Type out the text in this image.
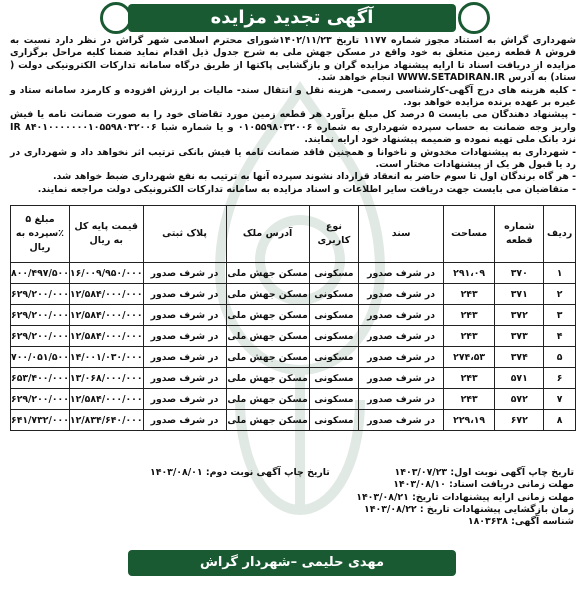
آگهی تجدید مزایده

شهرداری گراش به استناد مجوز شماره ۱۱۷۷ تاریخ ۱۴۰۲/۱۱/۲۳شورای محترم اسلامی شهر گراش در نظر دارد نسبت به فروش ۸ قطعه زمین متعلق به خود واقع در مسکن جهش ملی به شرح جدول ذیل اقدام نماید ضمنا کلیه مراحل برگزاری مزایده از دریافت اسناد تا ارایه پیشنهاد مزایده گران و بازگشایی پاکتها از طریق درگاه سامانه تدارکات الکترونیکی دولت ( ستاد) به آدرس WWW.SETADIRAN.IR انجام خواهد شد.

- کلیه هزینه های درج آگهی-کارشناسی رسمی- هزینه نقل و انتقال سند- مالیات بر ارزش افزوده و کارمزد سامانه ستاد و غیره بر عهده برنده مزایده خواهد بود.

- پیشنهاد دهندگان می بایست ۵ درصد کل مبلغ برآورد هر قطعه زمین مورد تقاضای خود را به صورت ضمانت نامه یا فیش واریز وجه ضمانت به حساب سپرده شهرداری به شماره ۰۱۰۵۵۹۸۰۳۲۰۰۶ و یا شماره شبا ۸۴۰۱۰۰۰۰۰۰۰۱۰۵۵۹۸۰۳۲۰۰۶ IR نزد بانک ملی تهیه نموده و ضمیمه پیشنهاد خود ارایه نمایند.

- شهرداری به پیشنهادات مخدوش و ناخوانا و همچنین فاقد ضمانت نامه یا فیش بانکی ترتیب اثر نخواهد داد و شهرداری در رد یا قبول هر یک از پیشنهادات مختار است.

- هر گاه برندگان اول تا سوم حاضر به انعقاد قرارداد نشوند سپرده آنها به ترتیب به نفع شهرداری ضبط خواهد شد.

- متقاضیان می بایست جهت دریافت سایر اطلاعات و اسناد مزایده به سامانه تدارکات الکترونیکی دولت مراجعه نمایند.

ردیف	شماره قطعه	مساحت	سند	نوع کاربری	آدرس ملک	پلاک ثبتی	قیمت پایه کل به ریال	مبلغ ۵ ٪سپرده به ریال
۱	۳۷۰	۲۹۱،۰۹	در شرف صدور	مسکونی	مسکن جهش ملی	در شرف صدور	۱۶/۰۰۹/۹۵۰/۰۰۰	۸۰۰/۴۹۷/۵۰۰
۲	۳۷۱	۲۴۳	در شرف صدور	مسکونی	مسکن جهش ملی	در شرف صدور	۱۲/۵۸۴/۰۰۰/۰۰۰	۶۲۹/۲۰۰/۰۰۰
۳	۳۷۲	۲۴۳	در شرف صدور	مسکونی	مسکن جهش ملی	در شرف صدور	۱۲/۵۸۴/۰۰۰/۰۰۰	۶۲۹/۲۰۰/۰۰۰
۴	۳۷۳	۲۴۳	در شرف صدور	مسکونی	مسکن جهش ملی	در شرف صدور	۱۲/۵۸۴/۰۰۰/۰۰۰	۶۲۹/۲۰۰/۰۰۰
۵	۳۷۴	۲۷۴،۵۳	در شرف صدور	مسکونی	مسکن جهش ملی	در شرف صدور	۱۴/۰۰۱/۰۳۰/۰۰۰	۷۰۰/۰۵۱/۵۰۰
۶	۵۷۱	۲۴۳	در شرف صدور	مسکونی	مسکن جهش ملی	در شرف صدور	۱۳/۰۶۸/۰۰۰/۰۰۰	۶۵۳/۴۰۰/۰۰۰
۷	۵۷۲	۲۴۳	در شرف صدور	مسکونی	مسکن جهش ملی	در شرف صدور	۱۲/۵۸۴/۰۰۰/۰۰۰	۶۲۹/۲۰۰/۰۰۰
۸	۶۷۲	۲۲۹،۱۹	در شرف صدور	مسکونی	مسکن جهش ملی	در شرف صدور	۱۲/۸۳۴/۶۴۰/۰۰۰	۶۴۱/۷۳۲/۰۰۰
تاریخ چاپ آگهی نوبت اول: ۱۴۰۳/۰۷/۲۳
مهلت زمانی دریافت اسناد: ۱۴۰۳/۰۸/۱۰
مهلت زمانی ارایه پیشنهادات تاریخ: ۱۴۰۳/۰۸/۲۱
زمان بازگشایی پیشنهادات تاریخ : ۱۴۰۳/۰۸/۲۲
شناسه آگهی: ۱۸۰۳۶۳۸
تاریخ چاپ آگهی نوبت دوم: ۱۴۰۳/۰۸/۰۱
مهدی حلیمی –شهردار گراش
